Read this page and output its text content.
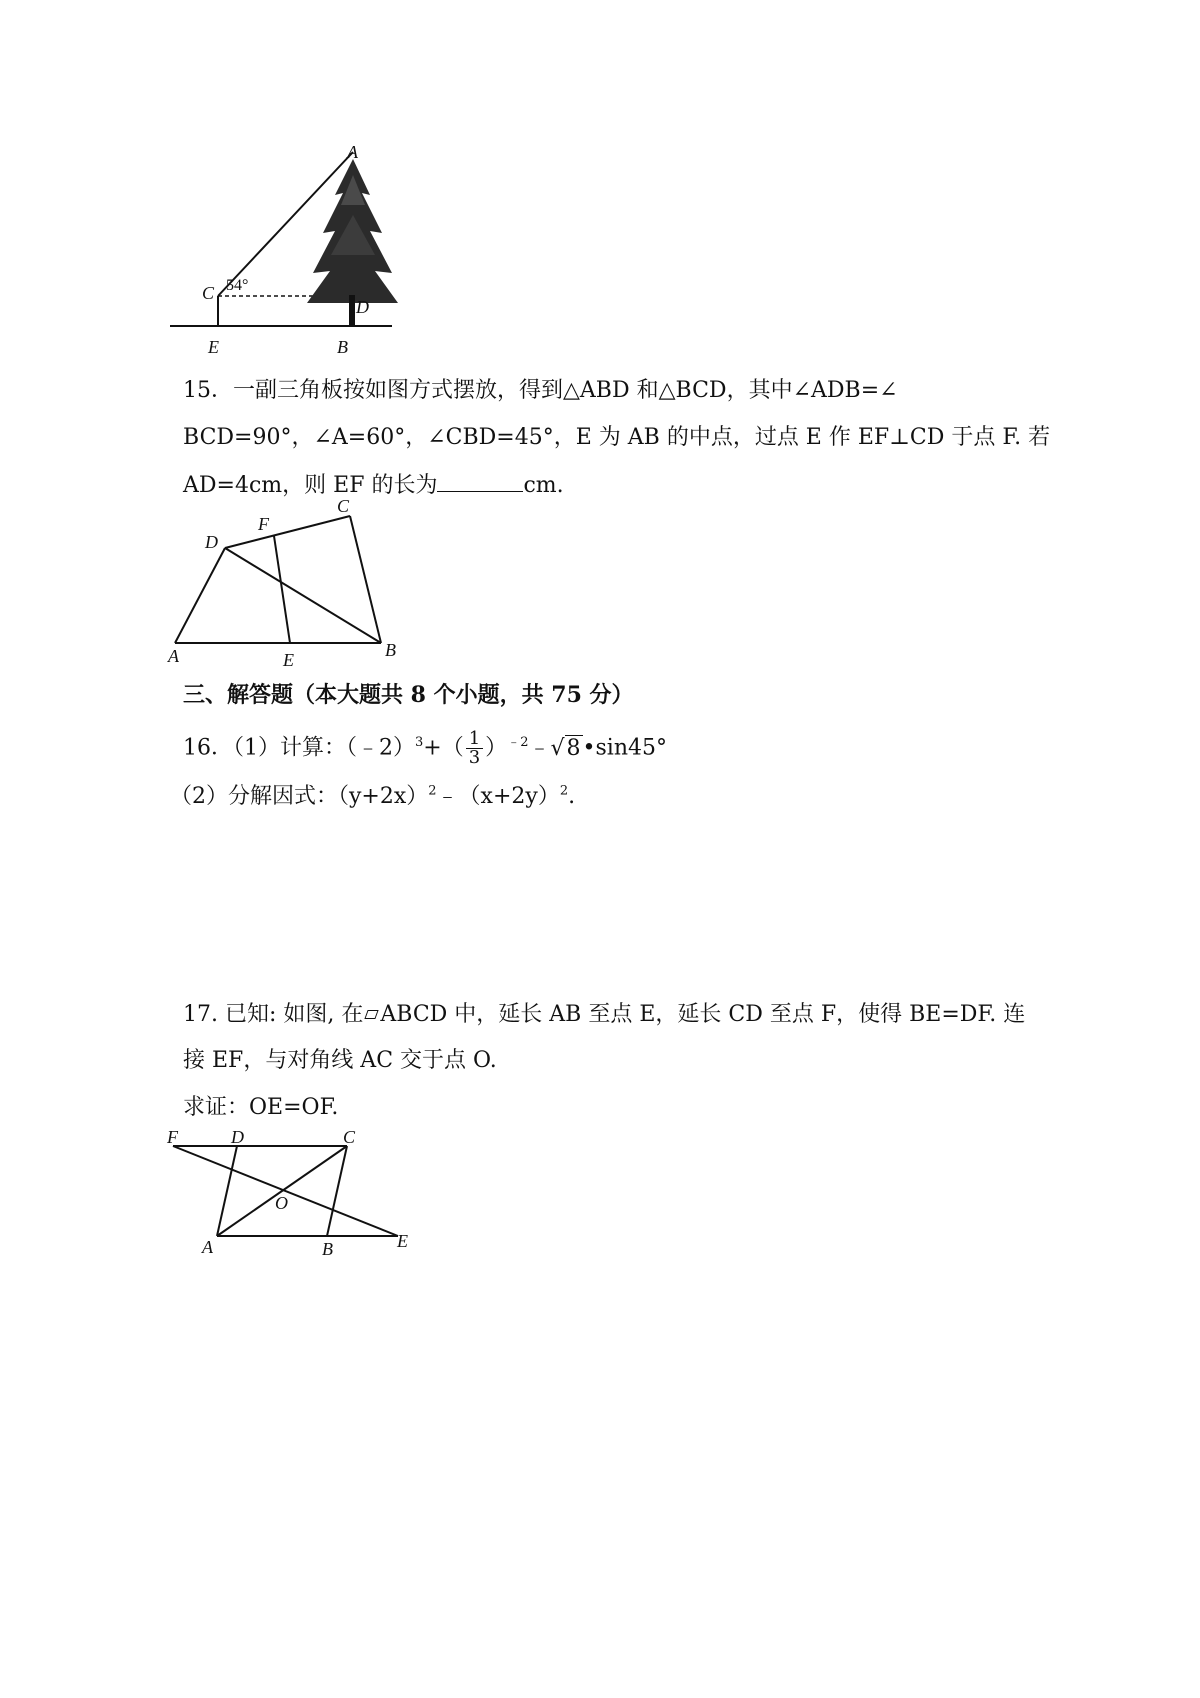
A
C 54°
D
E	B
15．一副三角板按如图方式摆放，得到△ABD 和△BCD，其中∠ADB=∠
BCD=90°，∠A=60°，∠CBD=45°，E 为 AB 的中点，过点 E 作 EF⊥CD 于点 F. 若
AD=4cm，则 EF 的长为	cm.
D
F
C
A	E	B
三、解答题（本大题共 8 个小题，共 75 分）
16．（1）计算：（﹣2）$^3$+（ $\frac{1}{3}$ ）$^{﹣2}$﹣√8•sin45°
（2）分解因式：$(y+2x)^2﹣(x+2y)^2$.
17. 已知: 如图, 在 ABCD 中，延长 AB 至点 E，延长 CD 至点 F，使得 BE=DF. 连
接 EF，与对角线 AC 交于点 O.
求证：OE=OF.
F	D	C
O
A	B	E
